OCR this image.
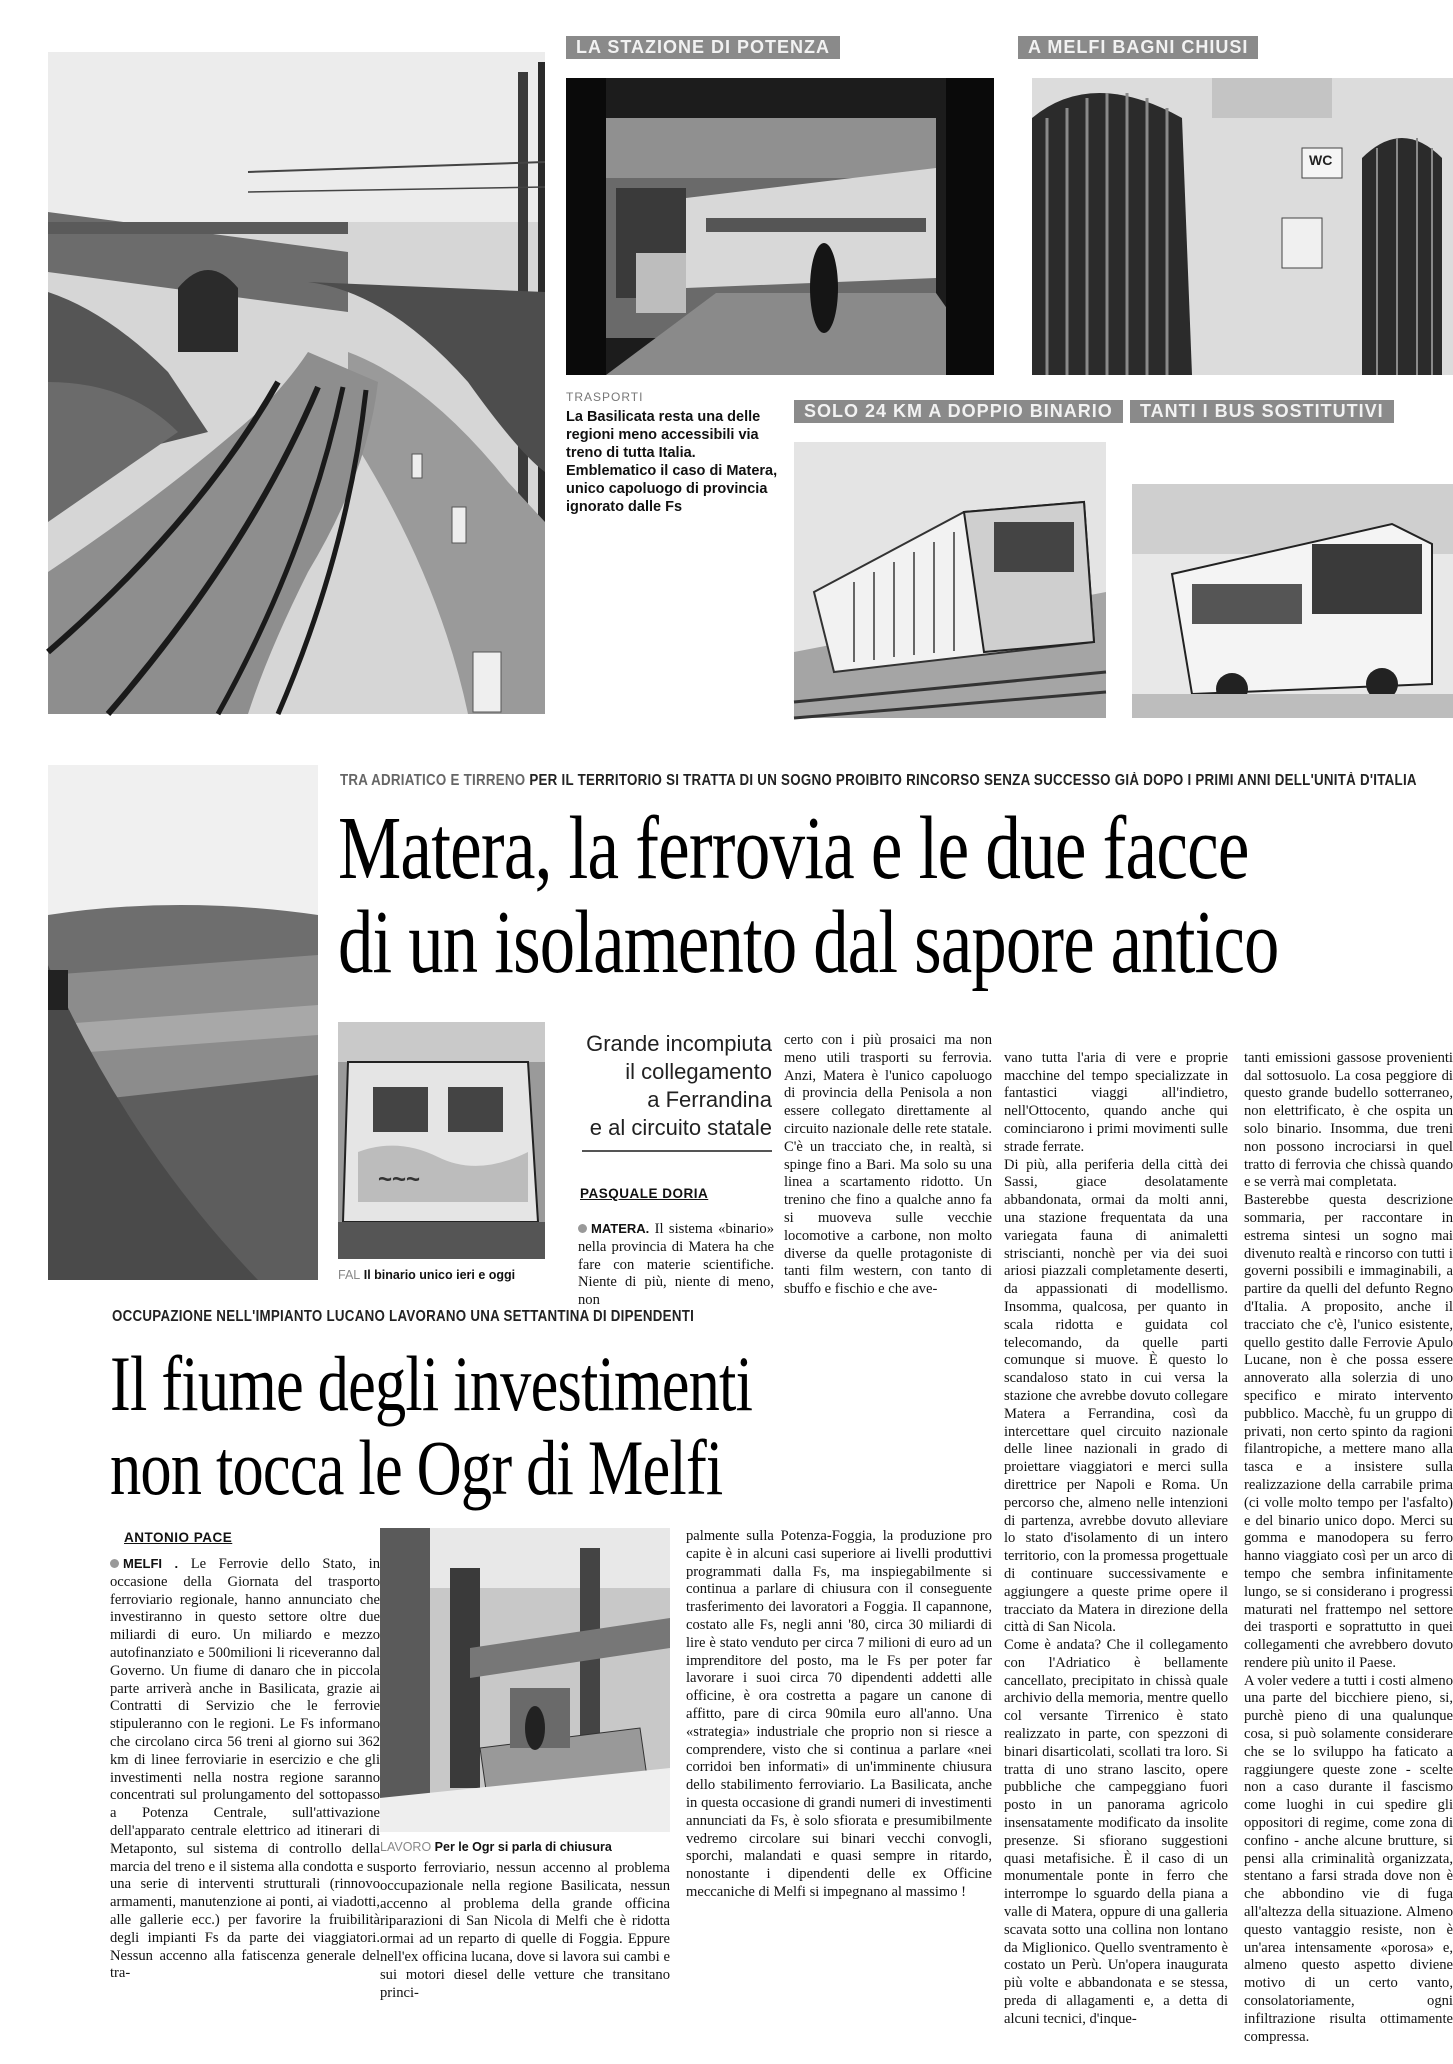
LA STAZIONE DI POTENZA	A MELFI BAGNI CHIUSI
WC
TRASPORTI
La Basilicata resta una delle regioni meno accessibili via treno di tutta Italia. Emblematico il caso di Matera, unico capoluogo di provincia ignorato dalle Fs
SOLO 24 KM A DOPPIO BINARIO	TANTI I BUS SOSTITUTIVI
TRA ADRIATICO E TIRRENO PER IL TERRITORIO SI TRATTA DI UN SOGNO PROIBITO RINCORSO SENZA SUCCESSO GIÀ DOPO I PRIMI ANNI DELL'UNITÀ D'ITALIA
Matera, la ferrovia e le due facce
di un isolamento dal sapore antico
~~~
FAL Il binario unico ieri e oggi
Grande incompiuta
il collegamento
a Ferrandina
e al circuito statale
PASQUALE DORIA

MATERA. Il sistema «binario» nella provincia di Matera ha che fare con materie scientifiche. Niente di più, niente di meno, non

certo con i più prosaici ma non meno utili trasporti su ferrovia. Anzi, Matera è l'unico capoluogo di provincia della Penisola a non essere collegato direttamente al circuito nazionale delle rete statale. C'è un tracciato che, in realtà, si spinge fino a Bari. Ma solo su una linea a scartamento ridotto. Un trenino che fino a qualche anno fa si muoveva sulle vecchie locomotive a carbone, non molto diverse da quelle protagoniste di tanti film western, con tanto di sbuffo e fischio e che ave-

vano tutta l'aria di vere e proprie macchine del tempo specializzate in fantastici viaggi all'indietro, nell'Ottocento, quando anche qui cominciarono i primi movimenti sulle strade ferrate.
Di più, alla periferia della città dei Sassi, giace desolatamente abbandonata, ormai da molti anni, una stazione frequentata da una variegata fauna di animaletti striscianti, nonchè per via dei suoi ariosi piazzali completamente deserti, da appassionati di modellismo. Insomma, qualcosa, per quanto in scala ridotta e guidata col telecomando, da quelle parti comunque si muove. È questo lo scandaloso stato in cui versa la stazione che avrebbe dovuto collegare Matera a Ferrandina, così da intercettare quel circuito nazionale delle linee nazionali in grado di proiettare viaggiatori e merci sulla direttrice per Napoli e Roma. Un percorso che, almeno nelle intenzioni di partenza, avrebbe dovuto alleviare lo stato d'isolamento di un intero territorio, con la promessa progettuale di continuare successivamente e aggiungere a queste prime opere il tracciato da Matera in direzione della città di San Nicola.
Come è andata? Che il collegamento con l'Adriatico è bellamente cancellato, precipitato in chissà quale archivio della memoria, mentre quello col versante Tirrenico è stato realizzato in parte, con spezzoni di binari disarticolati, scollati tra loro. Si tratta di uno strano lascito, opere pubbliche che campeggiano fuori posto in un panorama agricolo insensatamente modificato da insolite presenze. Si sfiorano suggestioni quasi metafisiche. È il caso di un monumentale ponte in ferro che interrompe lo sguardo della piana a valle di Matera, oppure di una galleria scavata sotto una collina non lontano da Miglionico. Quello sventramento è costato un Perù. Un'opera inaugurata più volte e abbandonata e se stessa, preda di allagamenti e, a detta di alcuni tecnici, d'inque-

tanti emissioni gassose provenienti dal sottosuolo. La cosa peggiore di questo grande budello sotterraneo, non elettrificato, è che ospita un solo binario. Insomma, due treni non possono incrociarsi in quel tratto di ferrovia che chissà quando e se verrà mai completata.
Basterebbe questa descrizione sommaria, per raccontare in estrema sintesi un sogno mai divenuto realtà e rincorso con tutti i governi possibili e immaginabili, a partire da quelli del defunto Regno d'Italia. A proposito, anche il tracciato che c'è, l'unico esistente, quello gestito dalle Ferrovie Apulo Lucane, non è che possa essere annoverato alla solerzia di uno specifico e mirato intervento pubblico. Macchè, fu un gruppo di privati, non certo spinto da ragioni filantropiche, a mettere mano alla tasca e a insistere sulla realizzazione della carrabile prima (ci volle molto tempo per l'asfalto) e del binario unico dopo. Merci su gomma e manodopera su ferro hanno viaggiato così per un arco di tempo che sembra infinitamente lungo, se si considerano i progressi maturati nel frattempo nel settore dei trasporti e soprattutto in quei collegamenti che avrebbero dovuto rendere più unito il Paese.
A voler vedere a tutti i costi almeno una parte del bicchiere pieno, si, purchè pieno di una qualunque cosa, si può solamente considerare che se lo sviluppo ha faticato a raggiungere queste zone - scelte non a caso durante il fascismo come luoghi in cui spedire gli oppositori di regime, come zona di confino - anche alcune brutture, si pensi alla criminalità organizzata, stentano a farsi strada dove non è che abbondino vie di fuga all'altezza della situazione. Almeno questo vantaggio resiste, non è un'area intensamente «porosa» e, almeno questo aspetto diviene motivo di un certo vanto, consolatoriamente, ogni infiltrazione risulta ottimamente compressa.

OCCUPAZIONE NELL'IMPIANTO LUCANO LAVORANO UNA SETTANTINA DI DIPENDENTI
Il fiume degli investimenti
non tocca le Ogr di Melfi
ANTONIO PACE

MELFI . Le Ferrovie dello Stato, in occasione della Giornata del trasporto ferroviario regionale, hanno annunciato che investiranno in questo settore oltre due miliardi di euro. Un miliardo e mezzo autofinanziato e 500milioni li riceveranno dal Governo. Un fiume di danaro che in piccola parte arriverà anche in Basilicata, grazie ai Contratti di Servizio che le ferrovie stipuleranno con le regioni. Le Fs informano che circolano circa 56 treni al giorno sui 362 km di linee ferroviarie in esercizio e che gli investimenti nella nostra regione saranno concentrati sul prolungamento del sottopasso a Potenza Centrale, sull'attivazione dell'apparato centrale elettrico ad itinerari di Metaponto, sul sistema di controllo della marcia del treno e il sistema alla condotta e su una serie di interventi strutturali (rinnovo armamenti, manutenzione ai ponti, ai viadotti, alle gallerie ecc.) per favorire la fruibilità degli impianti Fs da parte dei viaggiatori. Nessun accenno alla fatiscenza generale del tra-

LAVORO Per le Ogr si parla di chiusura

sporto ferroviario, nessun accenno al problema occupazionale nella regione Basilicata, nessun accenno al problema della grande officina riparazioni di San Nicola di Melfi che è ridotta ormai ad un reparto di quelle di Foggia. Eppure nell'ex officina lucana, dove si lavora sui cambi e sui motori diesel delle vetture che transitano princi-

palmente sulla Potenza-Foggia, la produzione pro capite è in alcuni casi superiore ai livelli produttivi programmati dalla Fs, ma inspiegabilmente si continua a parlare di chiusura con il conseguente trasferimento dei lavoratori a Foggia. Il capannone, costato alle Fs, negli anni '80, circa 30 miliardi di lire è stato venduto per circa 7 milioni di euro ad un imprenditore del posto, ma le Fs per poter far lavorare i suoi circa 70 dipendenti addetti alle officine, è ora costretta a pagare un canone di affitto, pare di circa 90mila euro all'anno. Una «strategia» industriale che proprio non si riesce a comprendere, visto che si continua a parlare «nei corridoi ben informati» di un'imminente chiusura dello stabilimento ferroviario. La Basilicata, anche in questa occasione di grandi numeri di investimenti annunciati da Fs, è solo sfiorata e presumibilmente vedremo circolare sui binari vecchi convogli, sporchi, malandati e quasi sempre in ritardo, nonostante i dipendenti delle ex Officine meccaniche di Melfi si impegnano al massimo !
